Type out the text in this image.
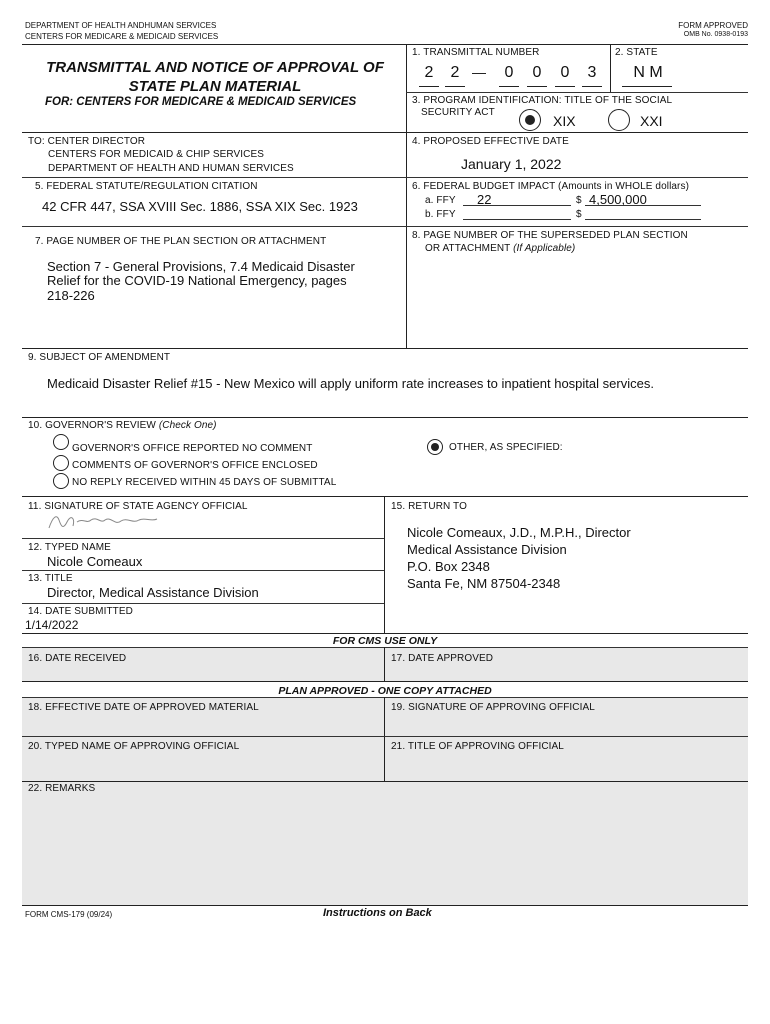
DEPARTMENT OF HEALTH ANDHUMAN SERVICES
CENTERS FOR MEDICARE & MEDICAID SERVICES
FORM APPROVED
OMB No. 0938-0193
TRANSMITTAL AND NOTICE OF APPROVAL OF
STATE PLAN MATERIAL
FOR: CENTERS FOR MEDICARE & MEDICAID SERVICES
1. TRANSMITTAL NUMBER
2	2 —	0	0	0	3
2. STATE
N M
3. PROGRAM IDENTIFICATION: TITLE OF THE SOCIAL
SECURITY ACT
XIX	XXI
TO: CENTER DIRECTOR
CENTERS FOR MEDICAID & CHIP SERVICES
DEPARTMENT OF HEALTH AND HUMAN SERVICES
4. PROPOSED EFFECTIVE DATE
January 1, 2022
5. FEDERAL STATUTE/REGULATION CITATION
42 CFR 447, SSA XVIII Sec. 1886, SSA XIX Sec. 1923
6. FEDERAL BUDGET IMPACT (Amounts in WHOLE dollars)
a. FFY 22	$ 4,500,000
b. FFY	$
7. PAGE NUMBER OF THE PLAN SECTION OR ATTACHMENT
Section 7 - General Provisions, 7.4 Medicaid Disaster
Relief for the COVID-19 National Emergency, pages
218-226
8. PAGE NUMBER OF THE SUPERSEDED PLAN SECTION
OR ATTACHMENT (If Applicable)
9. SUBJECT OF AMENDMENT
Medicaid Disaster Relief #15 - New Mexico will apply uniform rate increases to inpatient hospital services.
10. GOVERNOR'S REVIEW (Check One)
GOVERNOR'S OFFICE REPORTED NO COMMENT
COMMENTS OF GOVERNOR'S OFFICE ENCLOSED
NO REPLY RECEIVED WITHIN 45 DAYS OF SUBMITTAL
OTHER, AS SPECIFIED:
11. SIGNATURE OF STATE AGENCY OFFICIAL
12. TYPED NAME
Nicole Comeaux
13. TITLE
Director, Medical Assistance Division
14. DATE SUBMITTED
1/14/2022
15. RETURN TO
Nicole Comeaux, J.D., M.P.H., Director
Medical Assistance Division
P.O. Box 2348
Santa Fe, NM 87504-2348
FOR CMS USE ONLY
16. DATE RECEIVED	17. DATE APPROVED
PLAN APPROVED - ONE COPY ATTACHED
18. EFFECTIVE DATE OF APPROVED MATERIAL	19. SIGNATURE OF APPROVING OFFICIAL
20. TYPED NAME OF APPROVING OFFICIAL	21. TITLE OF APPROVING OFFICIAL
22. REMARKS
FORM CMS-179 (09/24)	Instructions on Back
